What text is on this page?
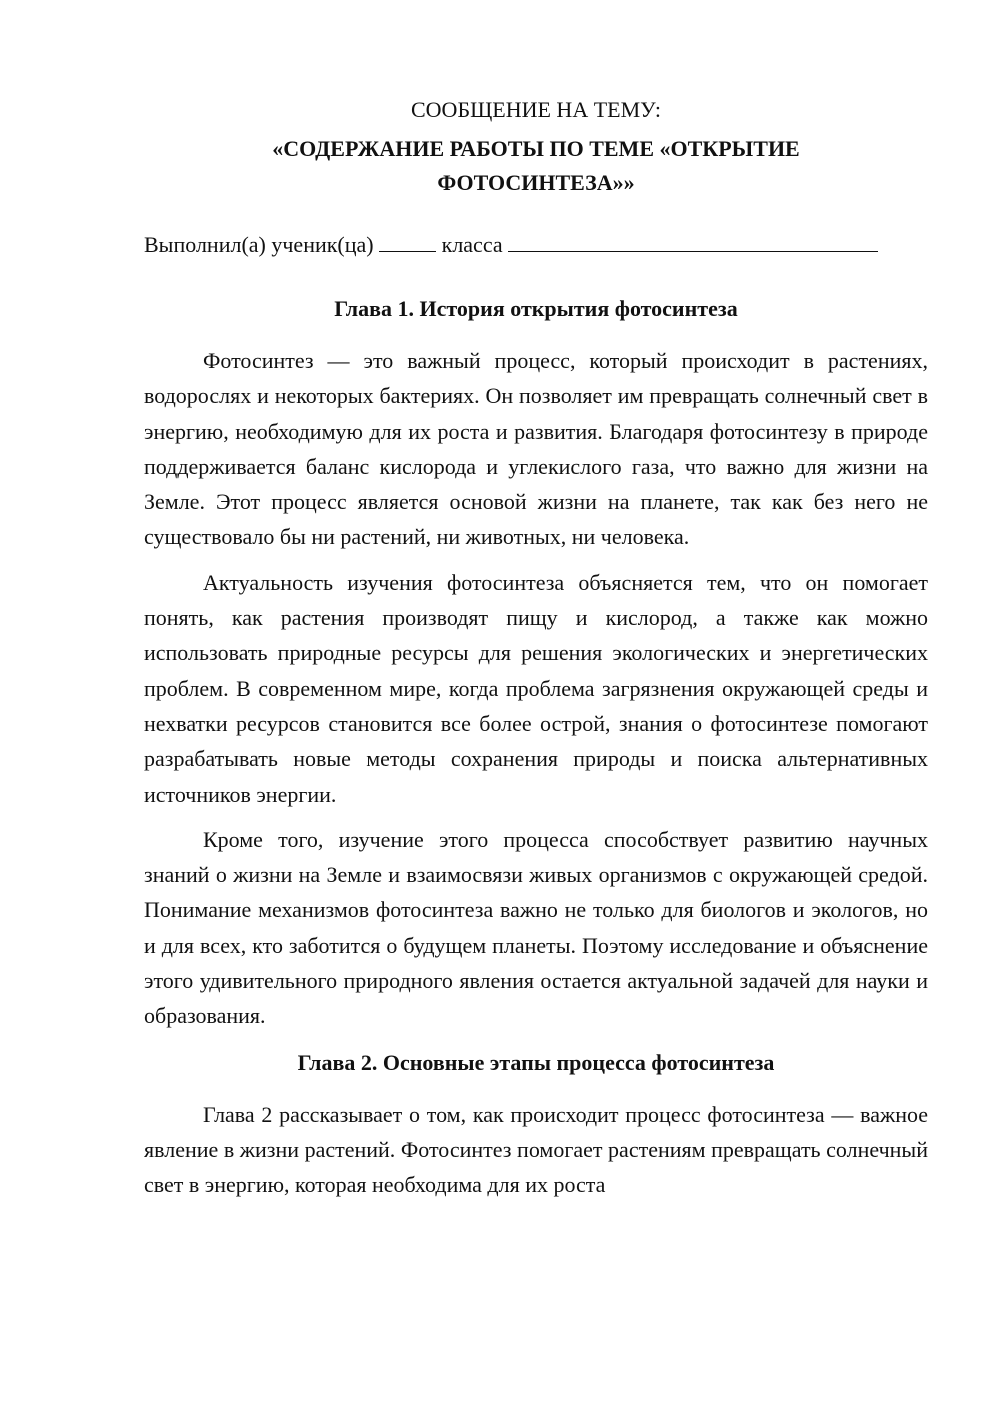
СООБЩЕНИЕ НА ТЕМУ:

«СОДЕРЖАНИЕ РАБОТЫ ПО ТЕМЕ «ОТКРЫТИЕ ФОТОСИНТЕЗА»»

Выполнил(а) ученик(ца)	класса

Глава 1. История открытия фотосинтеза

Фотосинтез — это важный процесс, который происходит в растениях, водорослях и некоторых бактериях. Он позволяет им превращать солнечный свет в энергию, необходимую для их роста и развития. Благодаря фотосинтезу в природе поддерживается баланс кислорода и углекислого газа, что важно для жизни на Земле. Этот процесс является основой жизни на планете, так как без него не существовало бы ни растений, ни животных, ни человека.

Актуальность изучения фотосинтеза объясняется тем, что он помогает понять, как растения производят пищу и кислород, а также как можно использовать природные ресурсы для решения экологических и энергетических проблем. В современном мире, когда проблема загрязнения окружающей среды и нехватки ресурсов становится все более острой, знания о фотосинтезе помогают разрабатывать новые методы сохранения природы и поиска альтернативных источников энергии.

Кроме того, изучение этого процесса способствует развитию научных знаний о жизни на Земле и взаимосвязи живых организмов с окружающей средой. Понимание механизмов фотосинтеза важно не только для биологов и экологов, но и для всех, кто заботится о будущем планеты. Поэтому исследование и объяснение этого удивительного природного явления остается актуальной задачей для науки и образования.

Глава 2. Основные этапы процесса фотосинтеза

Глава 2 рассказывает о том, как происходит процесс фотосинтеза — важное явление в жизни растений. Фотосинтез помогает растениям превращать солнечный свет в энергию, которая необходима для их роста
